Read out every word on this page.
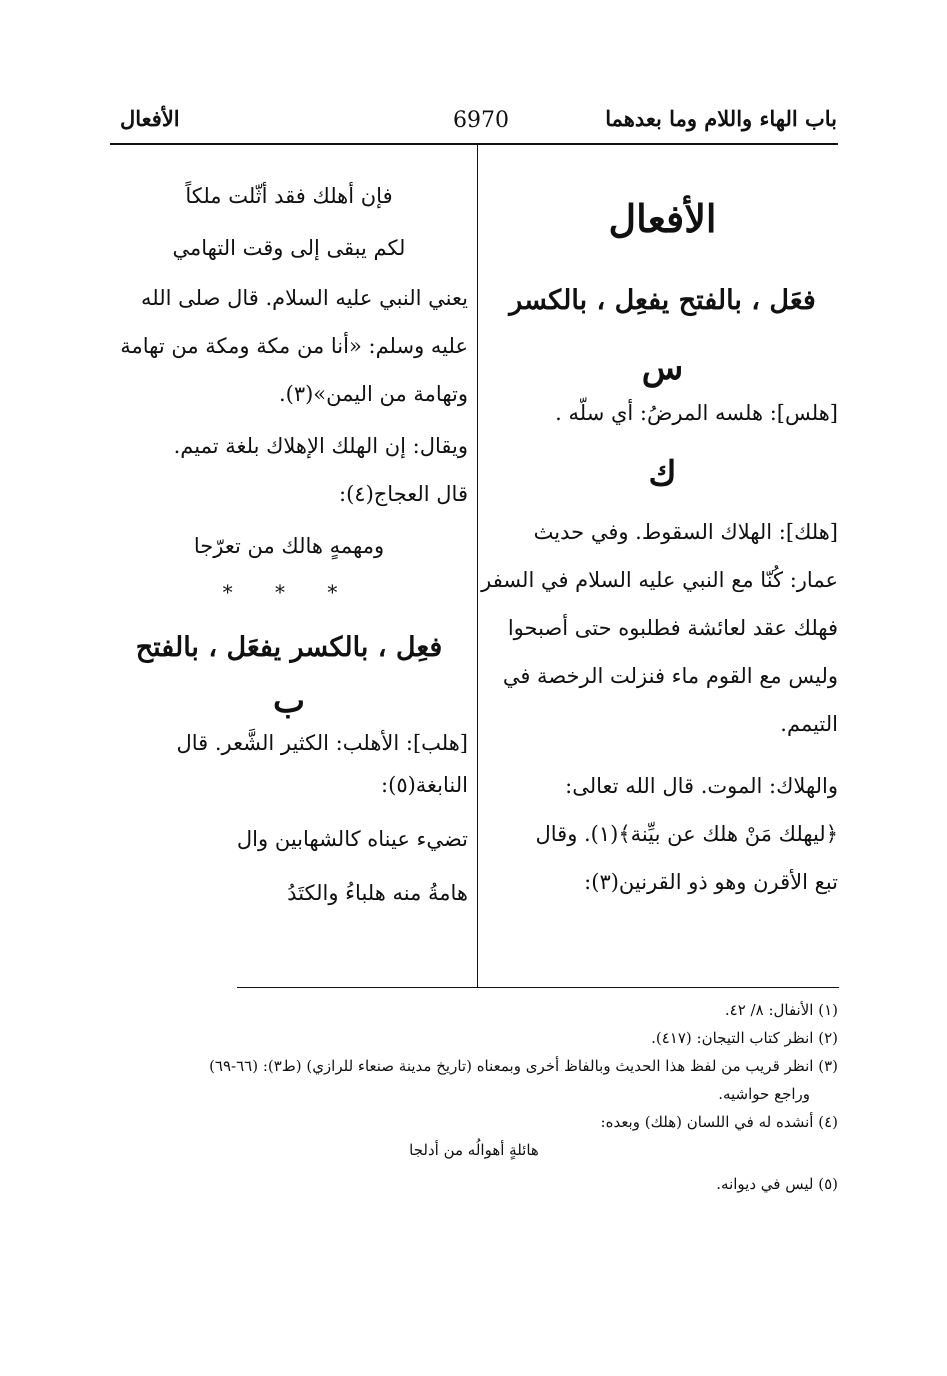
باب الهاء واللام وما بعدهما
6970
الأفعال
الأفعال
فعَل ، بالفتح يفعِل ، بالكسر
س
[هلس]: هلسه المرضُ: أي سلّه .
ك
[هلك]: الهلاك السقوط. وفي حديث
عمار: كُنّا مع النبي عليه السلام في السفر
فهلك عقد لعائشة فطلبوه حتى أصبحوا
وليس مع القوم ماء فنزلت الرخصة في
التيمم.
والهلاك: الموت. قال الله تعالى:
﴿ليهلك مَنْ هلك عن بيِّنة﴾(١). وقال
تبع الأقرن وهو ذو القرنين(٣):
فإن أهلك فقد أثّلت ملكاً
لكم يبقى إلى وقت التهامي
يعني النبي عليه السلام. قال صلى الله
عليه وسلم: «أنا من مكة ومكة من تهامة
وتهامة من اليمن»(٣).
ويقال: إن الهلك الإهلاك بلغة تميم.
قال العجاج(٤):
ومهمهٍ هالك من تعرّجا
* * *
فعِل ، بالكسر يفعَل ، بالفتح
ب
[هلب]: الأهلب: الكثير الشَّعر. قال
النابغة(٥):
تضيء عيناه كالشهابين وال
هامةُ منه هلباءُ والكتَدُ
(١) الأنفال: ٨/ ٤٢.
(٢) انظر كتاب التيجان: (٤١٧).
(٣) انظر قريب من لفظ هذا الحديث وبالفاظ أخرى وبمعناه (تاريخ مدينة صنعاء للرازي) (ط٣): (٦٦-٦٩)
وراجع حواشيه.
(٤) أنشده له في اللسان (هلك) وبعده:
هائلةٍ أهوالُه من أدلجا
(٥) ليس في ديوانه.
